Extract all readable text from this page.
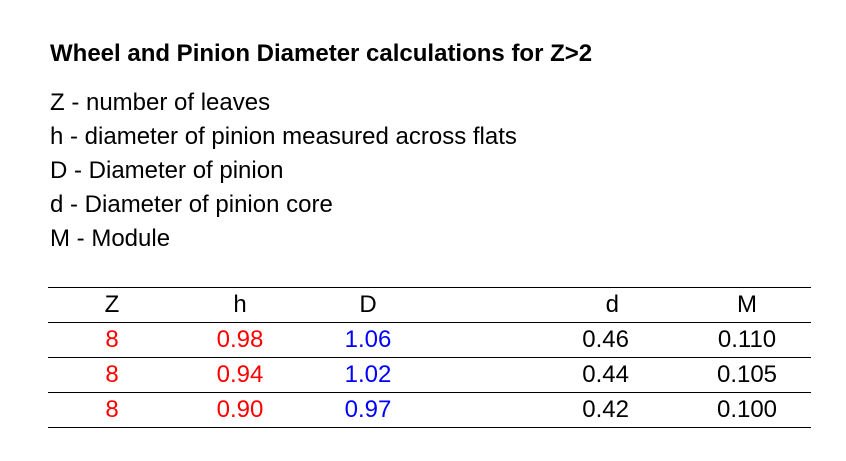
Wheel and Pinion Diameter calculations for Z>2
Z - number of leaves
h - diameter of pinion measured across flats
D - Diameter of pinion
d - Diameter of pinion core
M - Module
Z	h	D	d	M
8	0.98	1.06	0.46	0.110
8	0.94	1.02	0.44	0.105
8	0.90	0.97	0.42	0.100
